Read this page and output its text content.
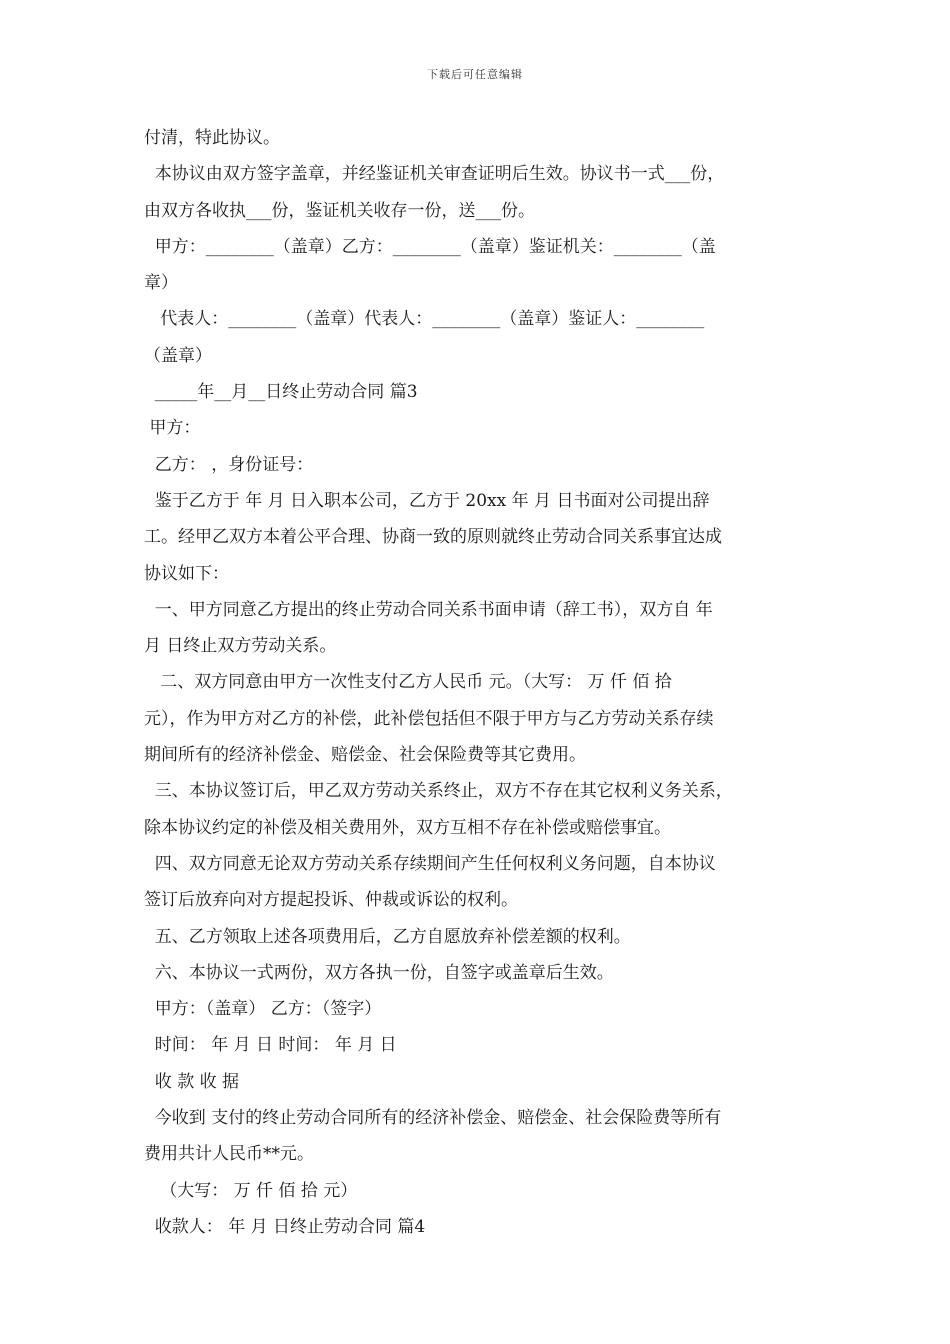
下载后可任意编辑
付清，特此协议。
本协议由双方签字盖章，并经鉴证机关审查证明后生效。协议书一式___份，
由双方各收执___份，鉴证机关收存一份，送___份。
甲方：________（盖章）乙方：________（盖章）鉴证机关：________（盖
章）
代表人：________（盖章）代表人：________（盖章）鉴证人：________
（盖章）
_____年__月__日终止劳动合同 篇3
甲方：
乙方： ，身份证号：
鉴于乙方于 年 月 日入职本公司，乙方于 20xx 年 月 日书面对公司提出辞
工。经甲乙双方本着公平合理、协商一致的原则就终止劳动合同关系事宜达成
协议如下：
一、甲方同意乙方提出的终止劳动合同关系书面申请（辞工书），双方自 年
月 日终止双方劳动关系。
二、双方同意由甲方一次性支付乙方人民币 元。（大写： 万 仟 佰 拾
元），作为甲方对乙方的补偿，此补偿包括但不限于甲方与乙方劳动关系存续
期间所有的经济补偿金、赔偿金、社会保险费等其它费用。
三、本协议签订后，甲乙双方劳动关系终止，双方不存在其它权利义务关系，
除本协议约定的补偿及相关费用外，双方互相不存在补偿或赔偿事宜。
四、双方同意无论双方劳动关系存续期间产生任何权利义务问题，自本协议
签订后放弃向对方提起投诉、仲裁或诉讼的权利。
五、乙方领取上述各项费用后，乙方自愿放弃补偿差额的权利。
六、本协议一式两份，双方各执一份，自签字或盖章后生效。
甲方：（盖章） 乙方：（签字）
时间： 年 月 日 时间： 年 月 日
收 款 收 据
今收到 支付的终止劳动合同所有的经济补偿金、赔偿金、社会保险费等所有
费用共计人民币**元。
（大写： 万 仟 佰 拾 元）
收款人： 年 月 日终止劳动合同 篇4
